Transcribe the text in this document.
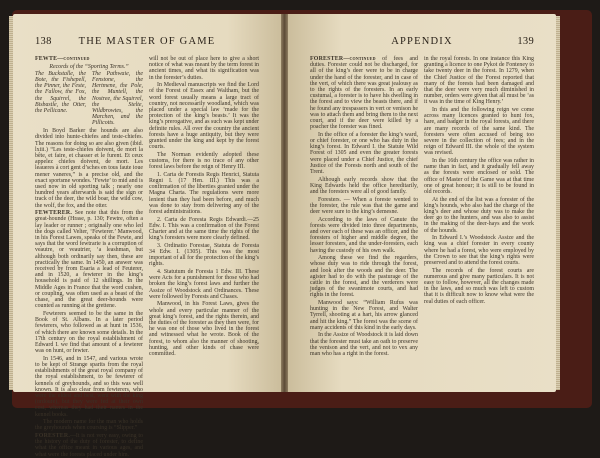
138	THE MASTER OF GAME

FEWTE—continued

Records of the “Sporting Terms.”
The Buckstalle, the Bote, the Fishepell, the Pinner, the Feste, the Fallow, the Fox, the Squirrel, the Bisbastle, the Otter, the Pellicane.
The Pathwaie, the Fenstone, the Hertmene, the Pole, the Muntell, the Nostree, the Squirrel, the Stelte, Wildbrowtes, the Marchen, and the Pillicotts.

In Boyd Barker the hounds are also divided into hunte-chiefes and teste-chiefes. The reasons for doing so are also given (ibid. lxiii.) “Les teste-chiefes doivent, de mort la bête, et faire, et chasser et le furent. Et ceux appelez chiefes doivent, de mort. Les leaueres à cort gent d’sches en tous faute ioue mener vaneres,” is a precise old, and the exact sportsme wondes. ‘Fewte’ to mid and is used now in old sporting talk ; nearly one hundred years afterwards is said the sign or track of the deer, the wild boar, the wild cow, the wolf, the fox, and the otter.

FEWTERER. See note that this from the great-hounde (Hrase, p. 130; Fewtre, often a lay leader or runner ; originally one who led the dogs called Velter, ‘Fewterer.’ Manwood, in his Forest Lawes, speaks of the Fewte, and says that the word fewtrarie is a corruption of veautre, or veautrier, ‘a leashman, but although both ordinarily say then, these are practically the same. In 1450, an answer was received by from Esaria a lead of Feuterer, and in 1520, a fewterer in the king’s household is paid of 12 shillings. In the Middle Ages in France that the word cushen, or coupling, was often used as a beast of the chase, and the great deer-hounds were counted as running at the grettene.

Fewterers seemed to be the same in the Book of St. Albans. In a later period fewterers, who followed as at hunt in 1536, of which there are known some details. In the 17th century on the royal establishment of Edward I. we find that amount of a fewterer was on hunt, or fewter.

In 1546, and in 1547, and various wrote to be kept of Strange sparits from the royal establishments of the great royal company of the royal establishment, to be fewterer of kennels of greyhounds, and so this was well known. It is also clear from fewterers, who were the eldest and best, went with the king (ordoure), but they were fed at their own cost, whereas they had their names in the kennel books.

The modern name for the man who holds the greyhounds when coursing is “Slipper.”

FORESTER.—It is not very easy, owing to the history of the duty of forester, to define what the office meant in various ages, and what were the forests placed under him.

will not be out of place here to give a short notice of what was meant by the term forest in ancient times, and what its signification was in the forester’s duties.

In Medieval manuscripts we find the Lord of the Forest of Essex and Waltham, but the word forest usually means a large tract of country, not necessarily woodland, which was placed under a special law ‘made for the protection of the king’s beasts.’ It was the king’s prerogative, and as such was kept under definite rules. All over the country the ancient forests have a huge antiquity, but they were granted under the king and kept by the forest courts.

The Norman evidently adopted these customs, for there is no trace of any other forest laws before the reign of Henry III.

1. Carta de Forestis Regis Henrici, Statuta Regni I. (17 Hen. III.) This was a confirmation of the liberties granted under the Magna Charta. The regulations were more lenient than they had been before, and much was done to stay from delivering any of the forest administrations.

2. Carta de Foresta Regis Edwardi.—25 Edw. I. This was a confirmation of the Forest Charter and at the same time the rights of the king’s foresters were more clearly defined.

3. Ordinatio Forestae, Statuta de Foresta 34 Edw. I. (1305). This was the most important of all for the protection of the king’s rights.

4. Statutum de Foresta 1 Edw. III. These were Acts for a punishment for those who had broken the king’s forest laws and further the Assize of Woodstock and Ordinances. These were followed by Forests and Chases.

Manwood, in his Forest Laws, gives the whole and every particular manner of the great king’s forest, and the rights therein, and the duties of the forester as they then were, for he was one of those who lived in the forest and witnessed what he wrote. Book of the forest, to whom also the manner of shooting, hunting, and other kinds of chase were committed.

APPENDIX	139

FORESTER—continued of fees and duties. Forester could not be discharged, for all of the king’s deer were to be in charge under the hand of the forester, and in case of the vert, of which there was great jealousy as to the rights of the foresters. In an early custumal, a forester is to have his dwelling in the forest and to view the beasts there, and if he found any trespassers in vert or venison he was to attach them and bring them to the next court, and if the deer were killed by a poacher the forester was fined.

In the office of a forester the king’s ward, or chief forester, or one who has duty in the king’s forest. In Edward I. the Statute Wild Forest of 1305 and even the greater forests were placed under a Chief Justice, the chief Justice of the Forests north and south of the Trent.

Although early records show that the King Edwards held the office hereditarily, and the foresters were all of good family.

Foresters. — When a foreste wented to the forester, the rule was that the game and deer were sure to the king’s demesne.

According to the laws of Canute the forests were divided into three departments, and over each of these was an officer, and the foresters of higher and middle degree, the lesser foresters, and the under-foresters, each having the custody of his own walk.

Among these we find the regarders, whose duty was to ride through the forest, and look after the woods and the deer. The agister had to do with the pasturage of the cattle in the forest, and the verderers were judges of the swanimote courts, and had rights in the forest.

Manwood says: “William Rufus was hunting in the New Forest, and Walter Tyrrell, shooting at a hart, his arrow glanced and hit the king.” The forest was the scene of many accidents of this kind in the early days.

In the Assize of Woodstock it is laid down that the forester must take an oath to preserve the venison and the vert, and not to vex any man who has a right in the forest.

in the royal forests. In one instance this King granting a licence to one Pykot de Fonteney to take twenty deer in the forest. In 1279, when the Chief Justice of the Forest reported that many of the forests had been damaged and that the deer were very much diminished in number, orders were given that all must be ‘as it was in the time of King Henry.’

In this and the following reign we come across many licences granted to hunt fox, hare, and badger in the royal forests, and there are many records of the same kind. The foresters were often accused of being too severe in the collection of fees; and in the reign of Edward III. the whole of the system was revised.

In the 16th century the office was rather in name than in fact, and it gradually fell away as the forests were enclosed or sold. The office of Master of the Game was at that time one of great honour; it is still to be found in old records.

At the end of the list was a forester of the king’s hounds, who also had the charge of the king’s deer and whose duty was to make the deer go to the hunters, and was also to assist in the making of the deer-hays and the work of the hounds.

In Edward I.’s Woodstock Assize and the king was a chief forester in every county where he had a forest, who were employed by the Crown to see that the king’s rights were preserved and to attend the forest courts.

The records of the forest courts are numerous and give many particulars. It is not easy to follow, however, all the changes made in the laws, and so much was left to custom that it is difficult now to know what were the real duties of each officer.
